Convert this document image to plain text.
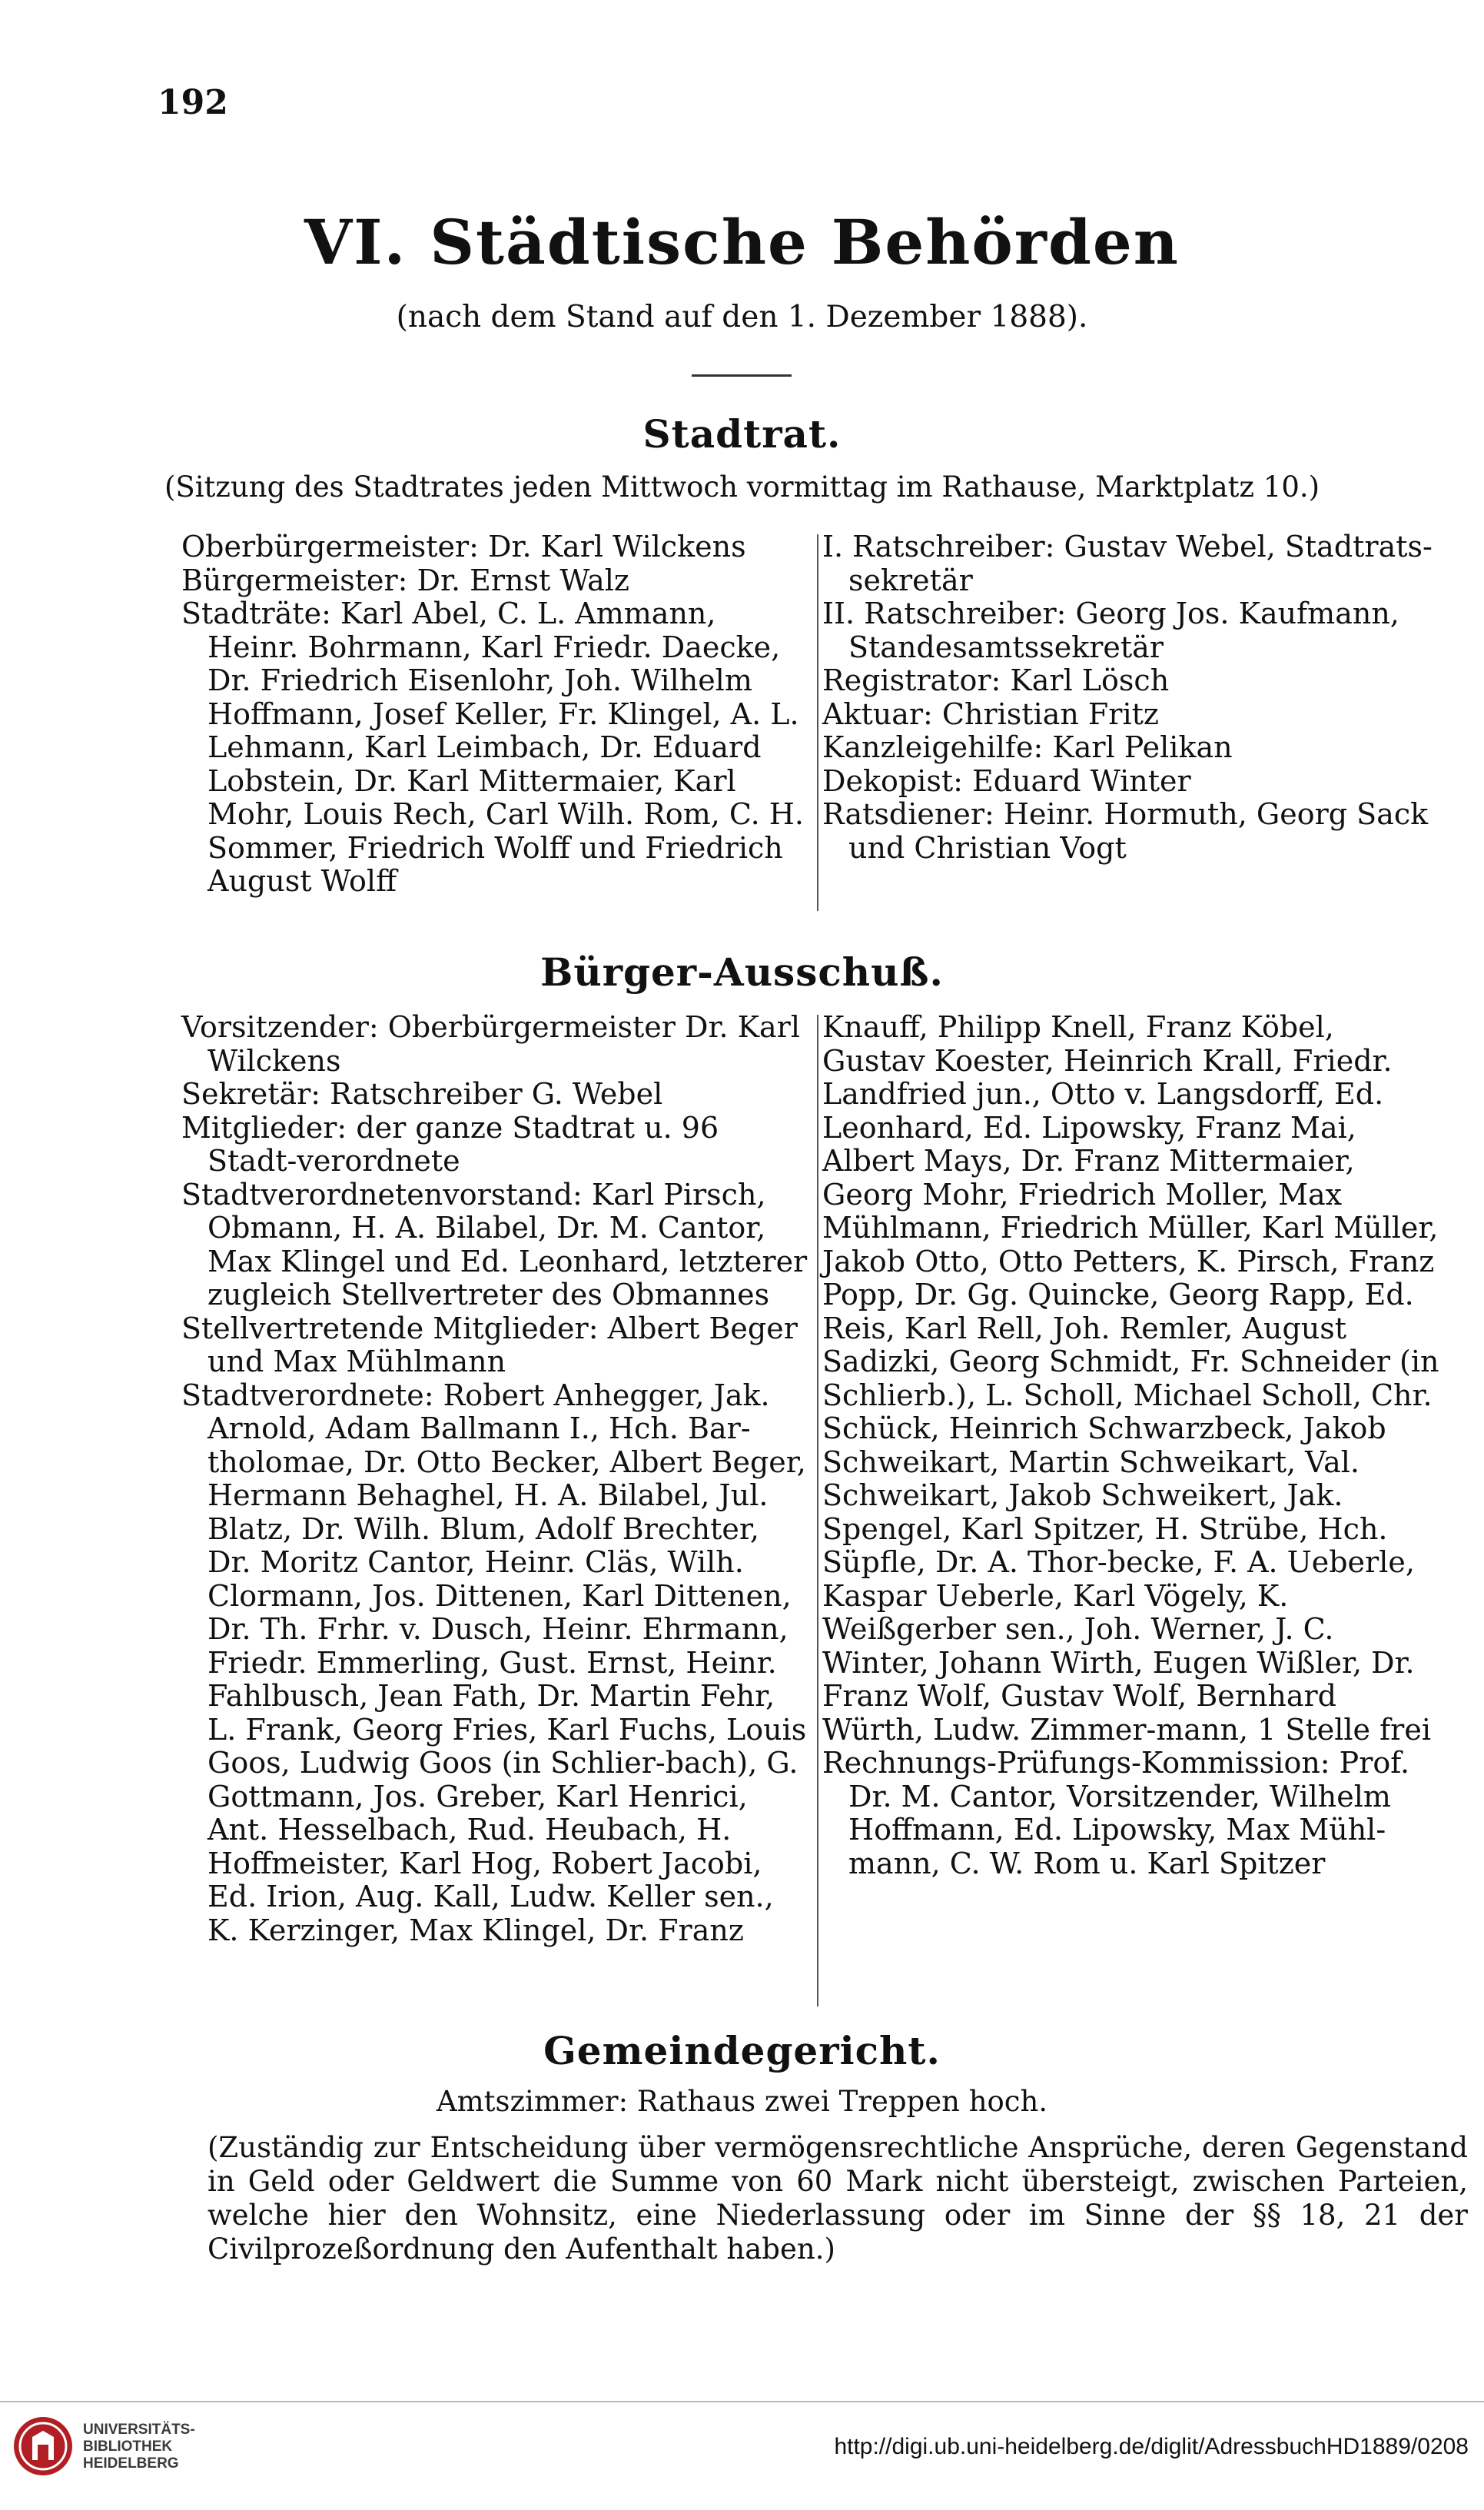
192
VI. Städtische Behörden
(nach dem Stand auf den 1. Dezember 1888).
Stadtrat.
(Sitzung des Stadtrates jeden Mittwoch vormittag im Rathause, Marktplatz 10.)

Oberbürgermeister: Dr. Karl Wilckens

Bürgermeister: Dr. Ernst Walz

Stadträte: Karl Abel, C. L. Ammann, Heinr. Bohrmann, Karl Friedr. Daecke, Dr. Friedrich Eisenlohr, Joh. Wilhelm Hoffmann, Josef Keller, Fr. Klingel, A. L. Lehmann, Karl Leimbach, Dr. Eduard Lobstein, Dr. Karl Mittermaier, Karl Mohr, Louis Rech, Carl Wilh. Rom, C. H. Sommer, Friedrich Wolff und Friedrich August Wolff

I. Ratschreiber: Gustav Webel, Stadtrats-sekretär

II. Ratschreiber: Georg Jos. Kaufmann, Standesamtssekretär

Registrator: Karl Lösch

Aktuar: Christian Fritz

Kanzleigehilfe: Karl Pelikan

Dekopist: Eduard Winter

Ratsdiener: Heinr. Hormuth, Georg Sack und Christian Vogt

Bürger-Ausschuß.

Vorsitzender: Oberbürgermeister Dr. Karl Wilckens

Sekretär: Ratschreiber G. Webel

Mitglieder: der ganze Stadtrat u. 96 Stadt-verordnete

Stadtverordnetenvorstand: Karl Pirsch, Obmann, H. A. Bilabel, Dr. M. Cantor, Max Klingel und Ed. Leonhard, letzterer zugleich Stellvertreter des Obmannes

Stellvertretende Mitglieder: Albert Beger und Max Mühlmann

Stadtverordnete: Robert Anhegger, Jak. Arnold, Adam Ballmann I., Hch. Bar-tholomae, Dr. Otto Becker, Albert Beger, Hermann Behaghel, H. A. Bilabel, Jul. Blatz, Dr. Wilh. Blum, Adolf Brechter, Dr. Moritz Cantor, Heinr. Cläs, Wilh. Clormann, Jos. Dittenen, Karl Dittenen, Dr. Th. Frhr. v. Dusch, Heinr. Ehrmann, Friedr. Emmerling, Gust. Ernst, Heinr. Fahlbusch, Jean Fath, Dr. Martin Fehr, L. Frank, Georg Fries, Karl Fuchs, Louis Goos, Ludwig Goos (in Schlier-bach), G. Gottmann, Jos. Greber, Karl Henrici, Ant. Hesselbach, Rud. Heubach, H. Hoffmeister, Karl Hog, Robert Jacobi, Ed. Irion, Aug. Kall, Ludw. Keller sen., K. Kerzinger, Max Klingel, Dr. Franz

Knauff, Philipp Knell, Franz Köbel, Gustav Koester, Heinrich Krall, Friedr. Landfried jun., Otto v. Langsdorff, Ed. Leonhard, Ed. Lipowsky, Franz Mai, Albert Mays, Dr. Franz Mittermaier, Georg Mohr, Friedrich Moller, Max Mühlmann, Friedrich Müller, Karl Müller, Jakob Otto, Otto Petters, K. Pirsch, Franz Popp, Dr. Gg. Quincke, Georg Rapp, Ed. Reis, Karl Rell, Joh. Remler, August Sadizki, Georg Schmidt, Fr. Schneider (in Schlierb.), L. Scholl, Michael Scholl, Chr. Schück, Heinrich Schwarzbeck, Jakob Schweikart, Martin Schweikart, Val. Schweikart, Jakob Schweikert, Jak. Spengel, Karl Spitzer, H. Strübe, Hch. Süpfle, Dr. A. Thor-becke, F. A. Ueberle, Kaspar Ueberle, Karl Vögely, K. Weißgerber sen., Joh. Werner, J. C. Winter, Johann Wirth, Eugen Wißler, Dr. Franz Wolf, Gustav Wolf, Bernhard Würth, Ludw. Zimmer-mann, 1 Stelle frei

Rechnungs-Prüfungs-Kommission: Prof. Dr. M. Cantor, Vorsitzender, Wilhelm Hoffmann, Ed. Lipowsky, Max Mühl-mann, C. W. Rom u. Karl Spitzer

Gemeindegericht.
Amtszimmer: Rathaus zwei Treppen hoch.
(Zuständig zur Entscheidung über vermögensrechtliche Ansprüche, deren Gegenstand in Geld oder Geldwert die Summe von 60 Mark nicht übersteigt, zwischen Parteien, welche hier den Wohnsitz, eine Niederlassung oder im Sinne der §§ 18, 21 der Civilprozeßordnung den Aufenthalt haben.)
UNIVERSITÄTS-
BIBLIOTHEK
HEIDELBERG
http://digi.ub.uni-heidelberg.de/diglit/AdressbuchHD1889/0208
